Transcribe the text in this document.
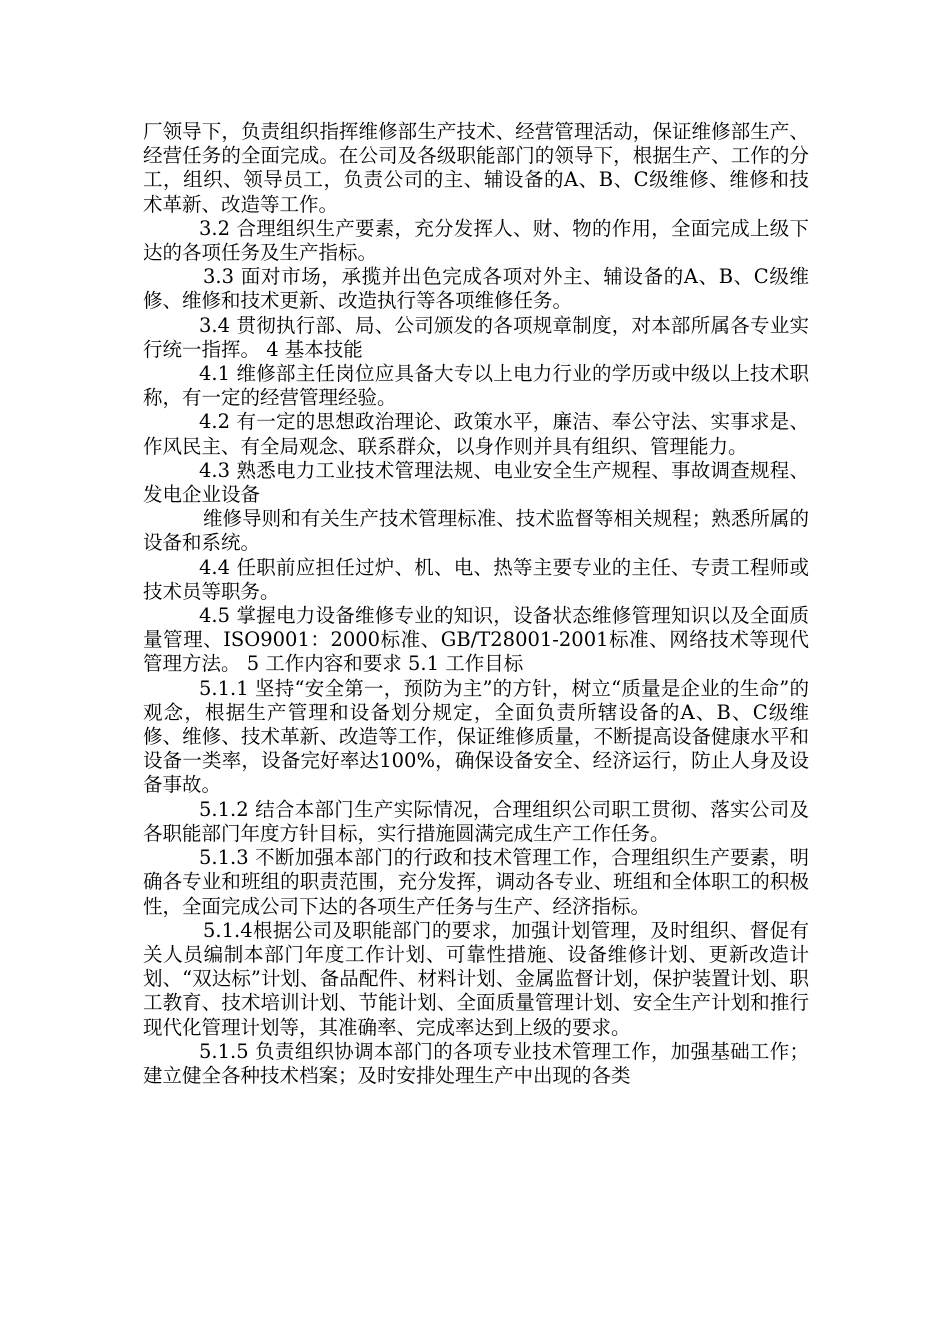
厂领导下，负责组织指挥维修部生产技术、经营管理活动，保证维修部生产、经营任务的全面完成。在公司及各级职能部门的领导下，根据生产、工作的分工，组织、领导员工，负责公司的主、辅设备的A、B、C级维修、维修和技术革新、改造等工作。

3.2 合理组织生产要素，充分发挥人、财、物的作用，全面完成上级下达的各项任务及生产指标。

3.3 面对市场，承揽并出色完成各项对外主、辅设备的A、B、C级维修、维修和技术更新、改造执行等各项维修任务。

3.4 贯彻执行部、局、公司颁发的各项规章制度，对本部所属各专业实行统一指挥。 4 基本技能

4.1 维修部主任岗位应具备大专以上电力行业的学历或中级以上技术职称，有一定的经营管理经验。

4.2 有一定的思想政治理论、政策水平，廉洁、奉公守法、实事求是、作风民主、有全局观念、联系群众，以身作则并具有组织、管理能力。

4.3 熟悉电力工业技术管理法规、电业安全生产规程、事故调查规程、发电企业设备

维修导则和有关生产技术管理标准、技术监督等相关规程；熟悉所属的设备和系统。

4.4 任职前应担任过炉、机、电、热等主要专业的主任、专责工程师或技术员等职务。

4.5 掌握电力设备维修专业的知识，设备状态维修管理知识以及全面质量管理、ISO9001：2000标准、GB/T28001-2001标准、网络技术等现代管理方法。 5 工作内容和要求 5.1 工作目标

5.1.1 坚持“安全第一，预防为主”的方针，树立“质量是企业的生命”的观念，根据生产管理和设备划分规定，全面负责所辖设备的A、B、C级维修、维修、技术革新、改造等工作，保证维修质量，不断提高设备健康水平和设备一类率，设备完好率达100%，确保设备安全、经济运行，防止人身及设备事故。

5.1.2 结合本部门生产实际情况，合理组织公司职工贯彻、落实公司及各职能部门年度方针目标，实行措施圆满完成生产工作任务。

5.1.3 不断加强本部门的行政和技术管理工作，合理组织生产要素，明确各专业和班组的职责范围，充分发挥，调动各专业、班组和全体职工的积极性，全面完成公司下达的各项生产任务与生产、经济指标。

5.1.4根据公司及职能部门的要求，加强计划管理，及时组织、督促有关人员编制本部门年度工作计划、可靠性措施、设备维修计划、更新改造计划、“双达标”计划、备品配件、材料计划、金属监督计划，保护装置计划、职工教育、技术培训计划、节能计划、全面质量管理计划、安全生产计划和推行现代化管理计划等，其准确率、完成率达到上级的要求。

5.1.5 负责组织协调本部门的各项专业技术管理工作，加强基础工作；建立健全各种技术档案；及时安排处理生产中出现的各类
